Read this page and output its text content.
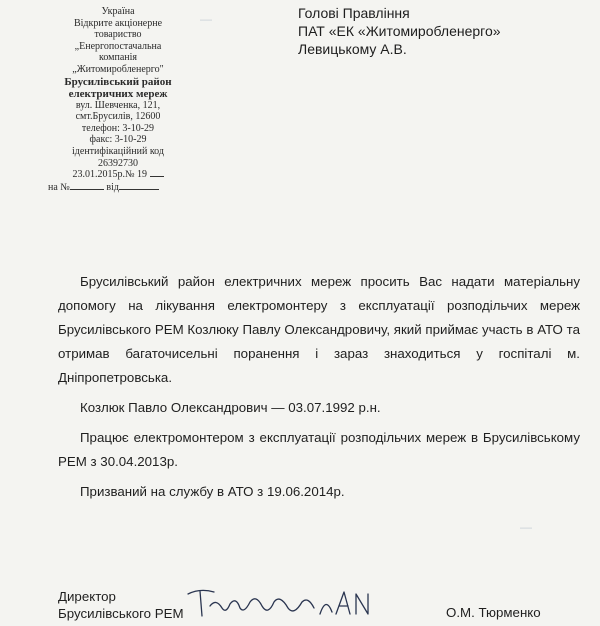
—
—
Україна
Відкрите акціонерне
товариство
„Енергопостачальна
компанія
„Житомиробленерго"
Брусилівський район
електричних мереж
вул. Шевченка, 121,
смт.Брусилів, 12600
телефон: 3-10-29
факс: 3-10-29
ідентифікаційний код
26392730
23.01.2015р.№ 19
на №	від
Голові Правління
ПАТ «ЕК «Житомиробленерго»
Левицькому А.В.

Брусилівський район електричних мереж просить Вас надати матеріальну допомогу на лікування електромонтеру з експлуатації розподільчих мереж Брусилівського РЕМ Козлюку Павлу Олександровичу, який приймає участь в АТО та отримав багаточисельні поранення і зараз знаходиться у госпіталі м. Дніпропетровська.

Козлюк Павло Олександрович — 03.07.1992 р.н.

Працює електромонтером з експлуатації розподільчих мереж в Брусилівському РЕМ з 30.04.2013р.

Призваний на службу в АТО з 19.06.2014р.

Директор
Брусилівського РЕМ	О.М. Тюрменко
